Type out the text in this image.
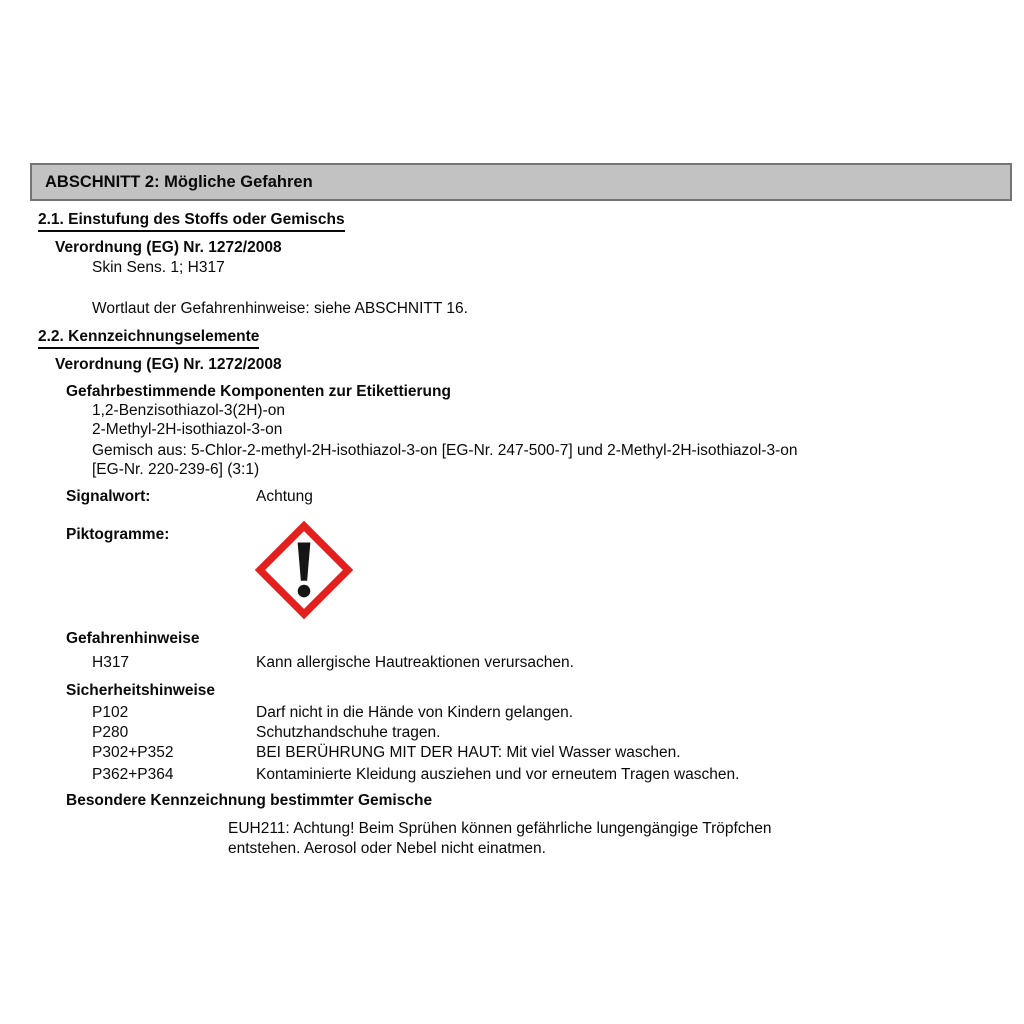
ABSCHNITT 2: Mögliche Gefahren
2.1. Einstufung des Stoffs oder Gemischs
Verordnung (EG) Nr. 1272/2008
Skin Sens. 1; H317
Wortlaut der Gefahrenhinweise: siehe ABSCHNITT 16.
2.2. Kennzeichnungselemente
Verordnung (EG) Nr. 1272/2008
Gefahrbestimmende Komponenten zur Etikettierung
1,2-Benzisothiazol-3(2H)-on
2-Methyl-2H-isothiazol-3-on
Gemisch aus: 5-Chlor-2-methyl-2H-isothiazol-3-on [EG-Nr. 247-500-7] und 2-Methyl-2H-isothiazol-3-on
[EG-Nr. 220-239-6] (3:1)
Signalwort:	Achtung
Piktogramme:
Gefahrenhinweise
H317	Kann allergische Hautreaktionen verursachen.
Sicherheitshinweise
P102	Darf nicht in die Hände von Kindern gelangen.
P280	Schutzhandschuhe tragen.
P302+P352	BEI BERÜHRUNG MIT DER HAUT: Mit viel Wasser waschen.
P362+P364	Kontaminierte Kleidung ausziehen und vor erneutem Tragen waschen.
Besondere Kennzeichnung bestimmter Gemische
EUH211: Achtung! Beim Sprühen können gefährliche lungengängige Tröpfchen
entstehen. Aerosol oder Nebel nicht einatmen.
